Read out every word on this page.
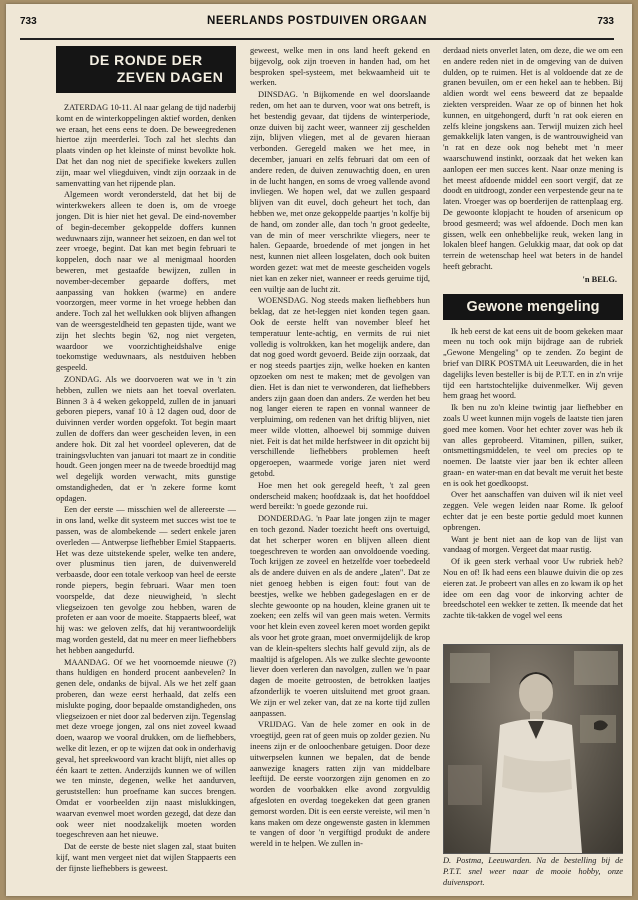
733	NEERLANDS POSTDUIVEN ORGAAN	733
DE RONDE DER
ZEVEN DAGEN

ZATERDAG 10-11. Al naar gelang de tijd naderbij komt en de winterkoppelingen aktief worden, denken we eraan, het eens eens te doen. De beweegredenen hiertoe zijn meerderlei. Toch zal het slechts dan plaats vinden op het kleinste of minst bevolkte hok. Dat het dan nog niet de specifieke kwekers zullen zijn, maar wel vliegduiven, vindt zijn oorzaak in de samenvatting van het rijpende plan.

Algemeen wordt verondersteld, dat het bij de winterkwekers alleen te doen is, om de vroege jongen. Dit is hier niet het geval. De eind-november of begin-december gekoppelde doffers kunnen weduwnaars zijn, wanneer het seizoen, en dan wel tot zeer vroege, begint. Dat kan met begin februari te koppelen, doch naar we al menigmaal hoorden beweren, met gestaafde bewijzen, zullen in november-december gepaarde doffers, met aanpassing van hokken (warme) en andere voorzorgen, meer vorme in het vroege hebben dan andere. Toch zal het wellukken ook blijven afhangen van de weersgesteldheid ten gepasten tijde, want we zijn het slechts begin '62, nog niet vergeten, waardoor we voorzichtigheidshalve enige toekomstige weduwnaars, als nestduiven hebben gespeeld.

ZONDAG. Als we doorvoeren wat we in 't zin hebben, zullen we niets aan het toeval overlaten. Binnen 3 à 4 weken gekoppeld, zullen de in januari geboren piepers, vanaf 10 à 12 dagen oud, door de duivinnen verder worden opgefokt. Tot begin maart zullen de doffers dan weer gescheiden leven, in een andere hok. Dit zal het voordeel opleveren, dat de trainingsvluchten van januari tot maart ze in conditie houdt. Geen jongen meer na de tweede broedtijd mag wel degelijk worden verwacht, mits gunstige omstandigheden, dat er 'n zekere forme komt opdagen.

Een der eerste — misschien wel de allereerste — in ons land, welke dit systeem met succes wist toe te passen, was de alombekende — sedert enkele jaren overleden — Antwerpse liefhebber Emiel Stappaerts. Het was deze uitstekende speler, welke ten andere, over plusminus tien jaren, de duivenwereld verbaasde, door een totale verkoop van heel de eerste ronde piepers, begin februari. Waar men toen voorspelde, dat deze nieuwigheid, 'n slecht vliegseizoen ten gevolge zou hebben, waren de profeten er aan voor de moeite. Stappaerts bleef, wat hij was: we geloven zelfs, dat hij verantwoordelijk mag worden gesteld, dat nu meer en meer liefhebbers het hebben aangedurfd.

MAANDAG. Of we het voornoemde nieuwe (?) thans huldigen en honderd procent aanbevelen? In genen dele, ondanks de bijval. Als we het zelf gaan proberen, dan weze eerst herhaald, dat zelfs een mislukte poging, door bepaalde omstandigheden, ons vliegseizoen er niet door zal bederven zijn. Tegenslag met deze vroege jongen, zal ons niet zoveel kwaad doen, waarop we vooral drukken, om de liefhebbers, welke dit lezen, er op te wijzen dat ook in onderhavig geval, het spreekwoord van kracht blijft, niet alles op één kaart te zetten. Anderzijds kunnen we of willen we ten minste, degenen, welke het aandurven, geruststellen: hun proefname kan succes brengen. Omdat er voorbeelden zijn naast mislukkingen, waarvan evenwel moet worden gezegd, dat deze dan ook weer niet noodzakelijk moeten worden toegeschreven aan het nieuwe.

Dat de eerste de beste niet slagen zal, staat buiten kijf, want men vergeet niet dat wijlen Stappaerts een der fijnste liefhebbers is geweest.

geweest, welke men in ons land heeft gekend en bijgevolg, ook zijn troeven in handen had, om het besproken spel-systeem, met bekwaamheid uit te werken.

DINSDAG. 'n Bijkomende en wel doorslaande reden, om het aan te durven, voor wat ons betreft, is het bestendig gevaar, dat tijdens de winterperiode, onze duiven bij zacht weer, wanneer zij geschelden zijn, blijven vliegen, met al de gevaren hieraan verbonden. Geregeld maken we het mee, in december, januari en zelfs februari dat om een of andere reden, de duiven zenuwachtig doen, en uren in de lucht hangen, en soms de vroeg vallende avond invliegen. We hopen wel, dat we zullen gespaard blijven van dit euvel, doch geheurt het toch, dan hebben we, met onze gekoppelde paartjes 'n kolfje bij de hand, om zonder alle, dan toch 'n groot gedeelte, van de min of meer verschrikte vliegers, neer te halen. Gepaarde, broedende of met jongen in het nest, kunnen niet alleen losgelaten, doch ook buiten worden gezet: wat met de meeste gescheiden vogels niet kan en zeker niet, wanneer er reeds geruime tijd, een vuiltje aan de lucht zit.

WOENSDAG. Nog steeds maken liefhebbers hun beklag, dat ze het-leggen niet konden tegen gaan. Ook de eerste helft van november bleef het temperatuur lente-achtig, en vermits de rui niet volledig is voltrokken, kan het mogelijk andere, dan dat nog goed wordt gevoerd. Beide zijn oorzaak, dat er nog steeds paartjes zijn, welke hoeken en kanten opzoeken om nest te maken; met de gevolgen van dien. Het is dan niet te verwonderen, dat liefhebbers anders zijn gaan doen dan anders. Ze werden het beu nog langer eieren te rapen en vonnal wanneer de verpluiming, om redenen van het driftig blijven, niet meer wilde vlotten, alhoewel bij sommige duiven niet. Feit is dat het milde herfstweer in dit opzicht bij verschillende liefhebbers problemen heeft opgeroepen, waarmede vorige jaren niet werd getobd.

Hoe men het ook geregeld heeft, 't zal geen onderscheid maken; hoofdzaak is, dat het hoofddoel werd bereikt: 'n goede gezonde rui.

DONDERDAG. 'n Paar late jongen zijn te mager en toch gezond. Nader toezicht heeft ons overtuigd, dat het scherper woren en blijven alleen dient toegeschreven te worden aan onvoldoende voeding. Toch krijgen ze zoveel en hetzelfde voer toebedeeld als de andere duiven en als de andere „laten". Dat ze niet genoeg hebben is eigen fout: fout van de beestjes, welke we hebben gadegeslagen en er de slechte gewoonte op na houden, kleine granen uit te zoeken; een zelfs wil van geen mais weten. Vermits voor het klein even zoveel keren moet worden gepikt als voor het grote graan, moet onvermijdelijk de krop van de klein-spelters slechts half gevuld zijn, als de maaltijd is afgelopen. Als we zulke slechte gewoonte liever doen verleren dan navolgen, zullen we 'n paar dagen de moeite getroosten, de betrokken laatjes afzonderlijk te voeren uitsluitend met groot graan. We zijn er wel zeker van, dat ze na korte tijd zullen aanpassen.

VRIJDAG. Van de hele zomer en ook in de vroegtijd, geen rat of geen muis op zolder gezien. Nu ineens zijn er de onloochenbare getuigen. Door deze uitwerpselen kunnen we bepalen, dat de bende aanwezige knagers ratten zijn van middelbare leeftijd. De eerste voorzorgen zijn genomen en zo worden de voorbakken elke avond zorgvuldig afgesloten en overdag toegekeken dat geen granen gemorst worden. Dit is een eerste vereiste, wil men 'n kans maken om deze ongewenste gasten in klemmen te vangen of door 'n vergiftigd produkt de andere wereld in te helpen. We zullen in-

derdaad niets onverlet laten, om deze, die we om een en andere reden niet in de omgeving van de duiven dulden, op te ruimen. Het is al voldoende dat ze de granen bevuilen, om er een hekel aan te hebben. Bij aldien wordt wel eens beweerd dat ze bepaalde ziekten verspreiden. Waar ze op of binnen het hok kunnen, en uitgehongerd, durft 'n rat ook eieren en zelfs kleine jongskens aan. Terwijl muizen zich heel gemakkelijk laten vangen, is de wantrouwigheid van 'n rat en deze ook nog behebt met 'n meer waarschuwend instinkt, oorzaak dat het weken kan aanlopen eer men succes kent. Naar onze mening is het meest afdoende middel een soort vergif, dat ze doodt en uitdroogt, zonder een verpestende geur na te laten. Vroeger was op boerderijen de rattenplaag erg. De gewoonte klopjacht te houden of arsenicum op brood gesmeerd; was wel afdoende. Doch men kan gissen, welk een onhebbelijke reuk, weken lang in lokalen bleef hangen. Gelukkig maar, dat ook op dat terrein de wetenschap heel wat beters in de handel heeft gebracht.

'n BELG.
Gewone mengeling

Ik heb eerst de kat eens uit de boom gekeken maar meen nu toch ook mijn bijdrage aan de rubriek „Gewone Mengeling" op te zenden. Zo begint de brief van DIRK POSTMA uit Leeuwarden, die in het dagelijks leven besteller is bij de P.T.T. en in z'n vrije tijd een hartstochtelijke duivenmelker. Wij geven hem graag het woord.

Ik ben nu zo'n kleine twintig jaar liefhebber en zoals U weet kunnen mijn vogels de laatste tien jaren goed mee komen. Voor het echter zover was heb ik van alles geprobeerd. Vitaminen, pillen, suiker, ontsmettingsmiddelen, te veel om precies op te noemen. De laatste vier jaar ben ik echter alleen graan- en water-man en dat bevalt me veruit het beste en is ook het goedkoopst.

Over het aanschaffen van duiven wil ik niet veel zeggen. Vele wegen leiden naar Rome. Ik geloof echter dat je een beste portie geduld moet kunnen opbrengen.

Want je bent niet aan de kop van de lijst van vandaag of morgen. Vergeet dat maar rustig.

Of ik geen sterk verhaal voor Uw rubriek heb? Nou en of! Ik had eens een blauwe duivin die op zes eieren zat. Je probeert van alles en zo kwam ik op het idee om een dag voor de inkorving achter de breedschotel een wekker te zetten. Ik meende dat het zachte tik-takken de vogel wel eens

D. Postma, Leeuwarden. Na de bestelling bij de P.T.T. snel weer naar de mooie hobby, onze duivensport.
